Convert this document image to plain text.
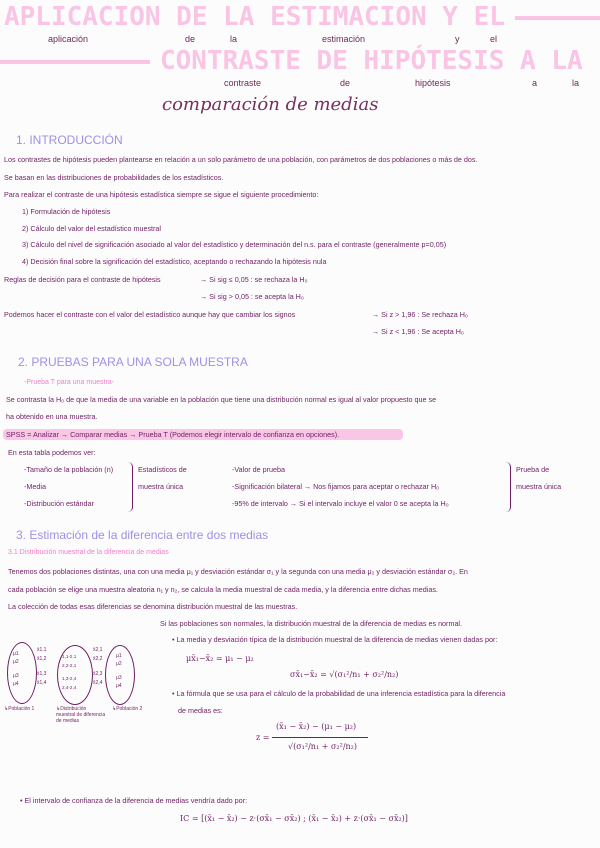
APLICACION DE LA ESTIMACION Y EL
CONTRASTE DE HIPÓTESIS A LA
aplicación	de	la	estimación	y	el
contraste	de	hipótesis	a	la
comparación de medias
1. INTRODUCCIÓN
Los contrastes de hipótesis pueden plantearse en relación a un solo parámetro de una población, con parámetros de dos poblaciones o más de dos.
Se basan en las distribuciones de probabilidades de los estadísticos.
Para realizar el contraste de una hipótesis estadística siempre se sigue el siguiente procedimiento:
1) Formulación de hipótesis
2) Cálculo del valor del estadístico muestral
3) Cálculo del nivel de significación asociado al valor del estadístico y determinación del n.s. para el contraste (generalmente p=0,05)
4) Decisión final sobre la significación del estadístico, aceptando o rechazando la hipótesis nula
Reglas de decisión para el contraste de hipótesis	→ Si sig ≤ 0,05 : se rechaza la H₀
→ Si sig > 0,05 : se acepta la H₀
Podemos hacer el contraste con el valor del estadístico aunque hay que cambiar los signos	→ Si z > 1,96 : Se rechaza H₀
→ Si z < 1,96 : Se acepta H₀
2. PRUEBAS PARA UNA SOLA MUESTRA
-Prueba T para una muestra-
Se contrasta la H₀ de que la media de una variable en la población que tiene una distribución normal es igual al valor propuesto que se
ha obtenido en una muestra.
SPSS = Analizar → Comparar medias → Prueba T (Podemos elegir intervalo de confianza en opciones).
En esta tabla podemos ver:
-Tamaño de la población (n)
-Media
-Distribución estándar
Estadísticos de
muestra única
-Valor de prueba
-Significación bilateral → Nos fijamos para aceptar o rechazar H₀
-95% de intervalo → Si el intervalo incluye el valor 0 se acepta la H₀
Prueba de
muestra única
3. Estimación de la diferencia entre dos medias
3.1 Distribución muestral de la diferencia de medias
Tenemos dos poblaciones distintas, una con una media μ₁ y desviación estándar σ₁ y la segunda con una media μ₂ y desviación estándar σ₂. En
cada población se elige una muestra aleatoria n₁ y n₂, se calcula la media muestral de cada media, y la diferencia entre dichas medias.
La colección de todas esas diferencias se denomina distribución muestral de las muestras.
Si las poblaciones son normales, la distribución muestral de la diferencia de medias es normal.
μ1
μ2
μ3
μ4
x̄1,1
x̄1,2
x̄1,3
x̄1,4
1,1-2,1
2,2-2,1
1,3-2,4
2,4-2,4
x̄2,1
x̄2,2
x̄2,3
x̄2,4
μ1
μ2
μ3
μ4
↳Población 1	↳Distribución muestral de diferencia de medias
↳Población 2
• La media y desviación típica de la distribución muestral de la diferencia de medias vienen dadas por:
μx̄₁−x̄₂ = μ₁ − μ₂
σx̄₁−x̄₂ = √(σ₁²/n₁ + σ₂²/n₂)
• La fórmula que se usa para el cálculo de la probabilidad de una inferencia estadística para la diferencia
de medias es:
z =
(x̄₁ − x̄₂) − (μ₁ − μ₂)
√(σ₁²/n₁ + σ₂²/n₂)
• El intervalo de confianza de la diferencia de medias vendría dado por:
IC = [(x̄₁ − x̄₂) − z·(σx̄₁ − σx̄₂) ; (x̄₁ − x̄₂) + z·(σx̄₁ − σx̄₂)]
